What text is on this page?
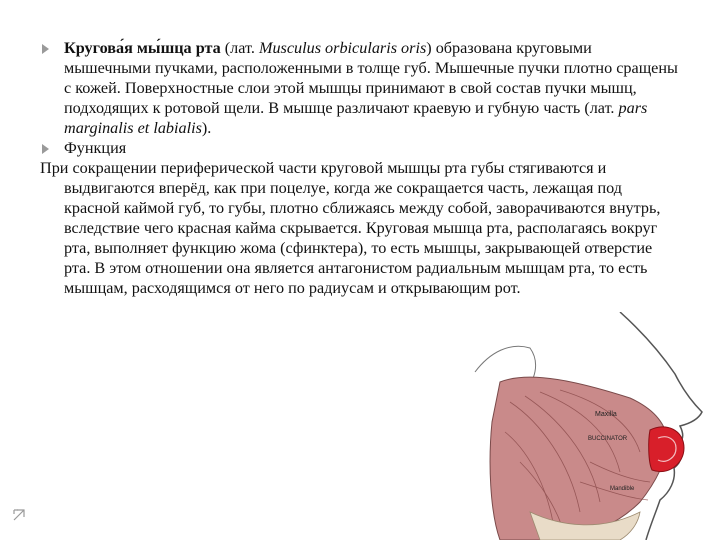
Кругова́я мы́шца рта (лат. Musculus orbicularis oris) образована круговыми мышечными пучками, расположенными в толще губ. Мышечные пучки плотно сращены с кожей. Поверхностные слои этой мышцы принимают в свой состав пучки мышц, подходящих к ротовой щели. В мышце различают краевую и губную часть (лат. pars marginalis et labialis).

Функция

При сокращении периферической части круговой мышцы рта губы стягиваются и выдвигаются вперёд, как при поцелуе, когда же сокращается часть, лежащая под красной каймой губ, то губы, плотно сближаясь между собой, заворачиваются внутрь, вследствие чего красная кайма скрывается. Круговая мышца рта, располагаясь вокруг рта, выполняет функцию жома (сфинктера), то есть мышцы, закрывающей отверстие рта. В этом отношении она является антагонистом радиальным мышцам рта, то есть мышцам, расходящимся от него по радиусам и открывающим рот.

Maxilla
BUCCINATOR
Mandible
